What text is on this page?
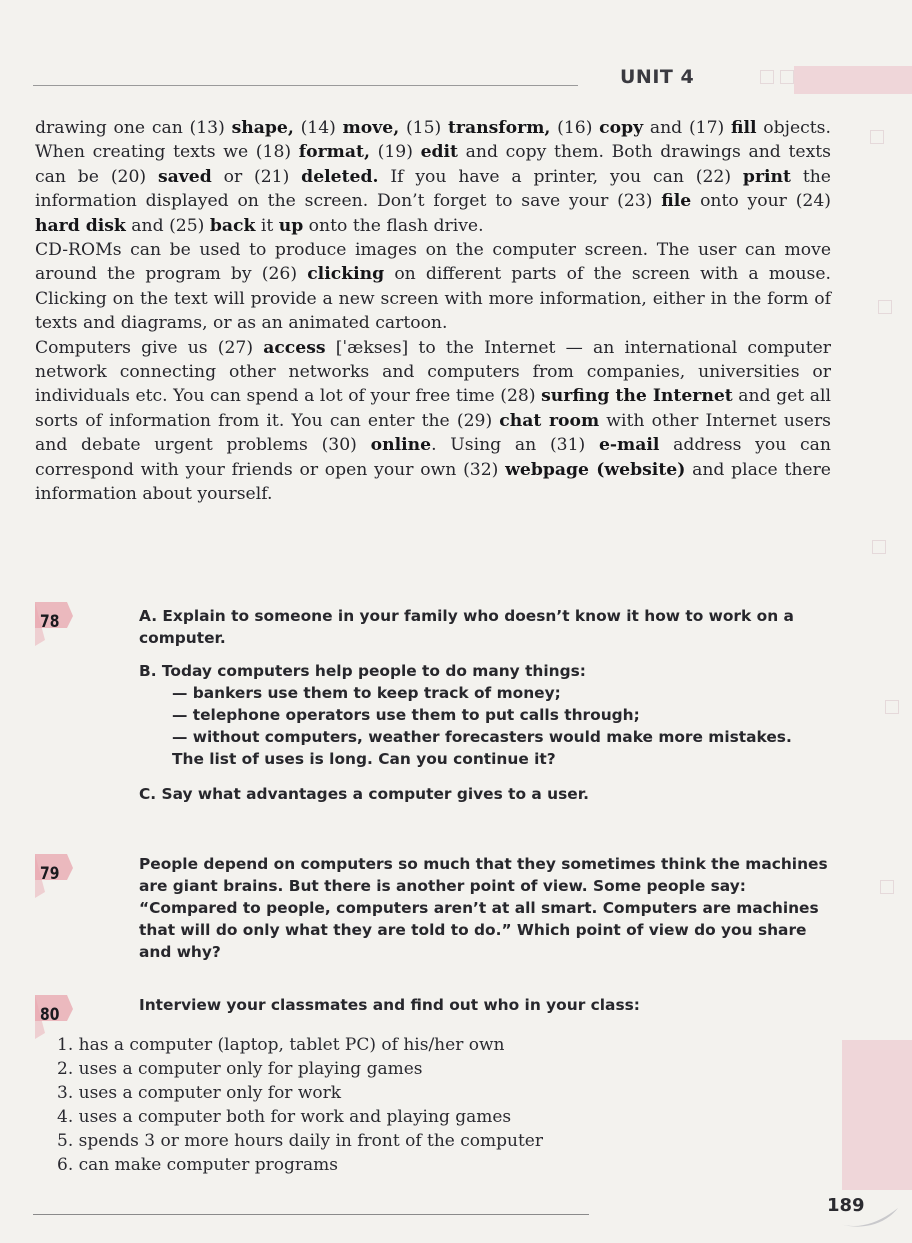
UNIT 4

drawing one can (13) shape, (14) move, (15) transform, (16) copy and (17) fill objects. When creating texts we (18) format, (19) edit and copy them. Both drawings and texts can be (20) saved or (21) deleted. If you have a printer, you can (22) print the information displayed on the screen. Don’t forget to save your (23) file onto your (24) hard disk and (25) back it up onto the flash drive.

CD-ROMs can be used to produce images on the computer screen. The user can move around the program by (26) clicking on different parts of the screen with a mouse. Clicking on the text will provide a new screen with more information, either in the form of texts and diagrams, or as an animated cartoon.

Computers give us (27) access [ˈækses] to the Internet — an international computer network connecting other networks and computers from companies, universities or individuals etc. You can spend a lot of your free time (28) surfing the Internet and get all sorts of information from it. You can enter the (29) chat room with other Internet users and debate urgent problems (30) online. Using an (31) e-mail address you can correspond with your friends or open your own (32) webpage (website) and place there information about yourself.

78	A. Explain to someone in your family who doesn’t know it how to work on a computer.

B. Today computers help people to do many things:

— bankers use them to keep track of money;
— telephone operators use them to put calls through;
— without computers, weather forecasters would make more mistakes.

The list of uses is long. Can you continue it?

C. Say what advantages a computer gives to a user.

79	People depend on computers so much that they sometimes think the machines are giant brains. But there is another point of view. Some people say: “Compared to people, computers aren’t at all smart. Computers are machines that will do only what they are told to do.” Which point of view do you share and why?

80	Interview your classmates and find out who in your class:

1. has a computer (laptop, tablet PC) of his/her own
2. uses a computer only for playing games
3. uses a computer only for work
4. uses a computer both for work and playing games
5. spends 3 or more hours daily in front of the computer
6. can make computer programs
189
